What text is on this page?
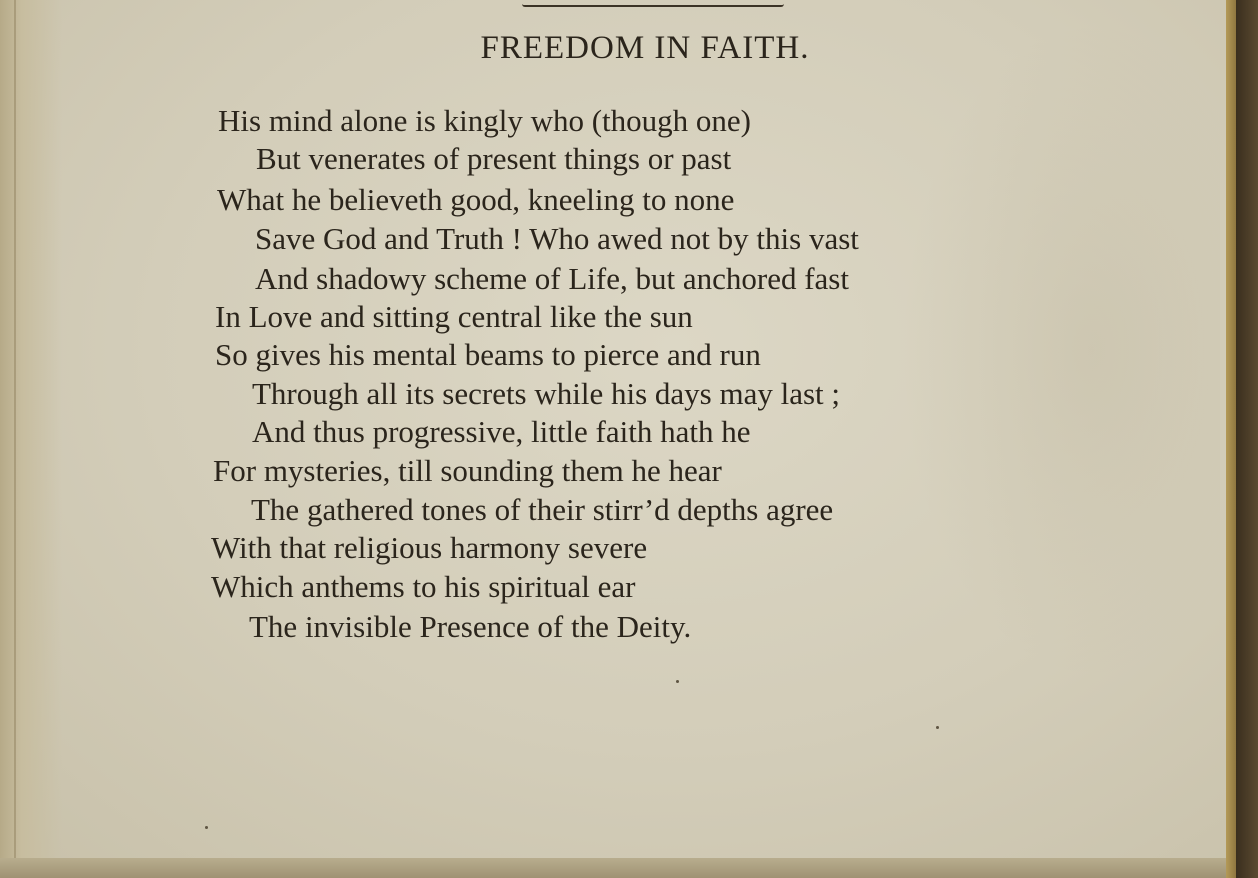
FREEDOM IN FAITH.
His mind alone is kingly who (though one)
But venerates of present things or past
What he believeth good, kneeling to none
Save God and Truth ! Who awed not by this vast
And shadowy scheme of Life, but anchored fast
In Love and sitting central like the sun
So gives his mental beams to pierce and run
Through all its secrets while his days may last ;
And thus progressive, little faith hath he
For mysteries, till sounding them he hear
The gathered tones of their stirr’d depths agree
With that religious harmony severe
Which anthems to his spiritual ear
The invisible Presence of the Deity.
